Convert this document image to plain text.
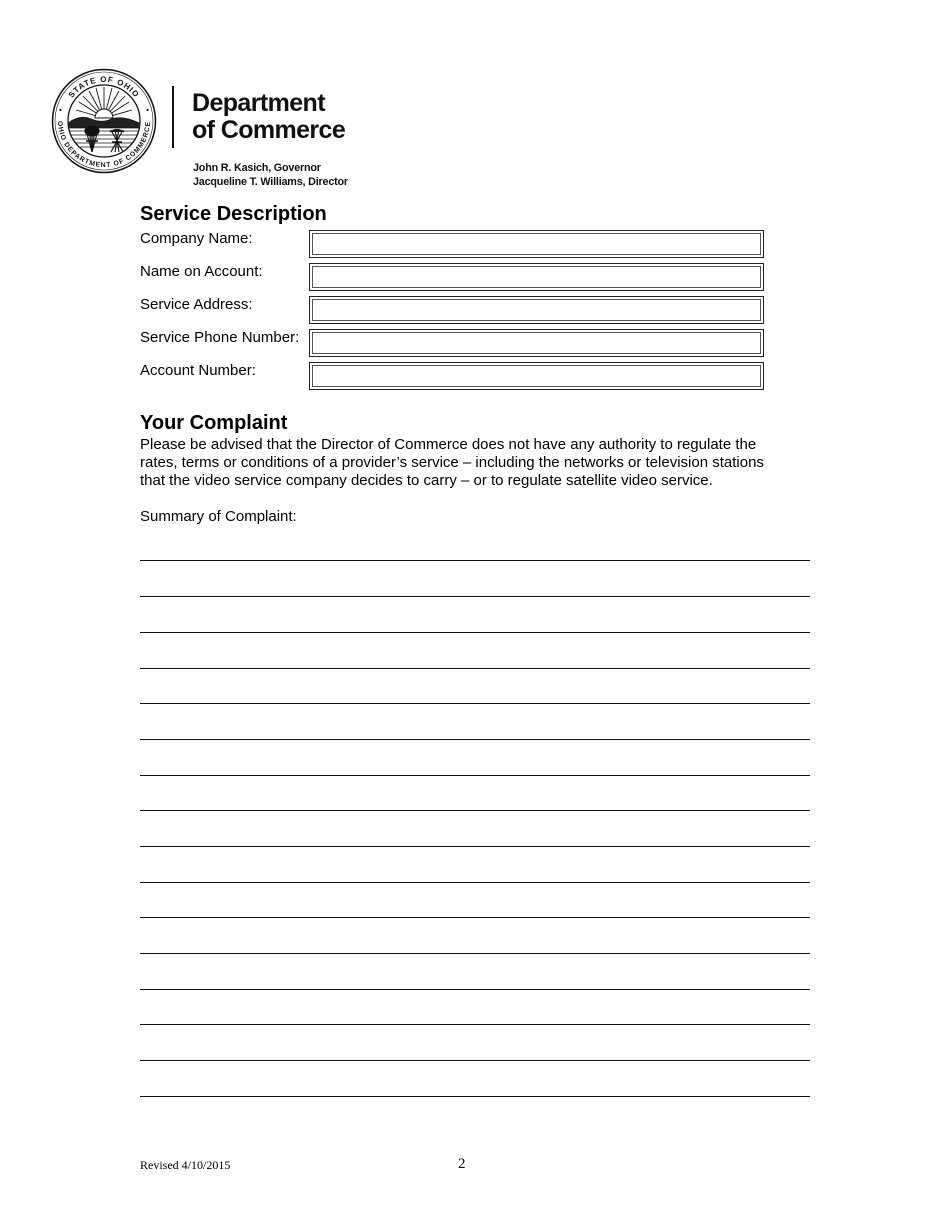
STATE OF OHIO
OHIO DEPARTMENT OF COMMERCE
Department
of Commerce
John R. Kasich, Governor
Jacqueline T. Williams, Director
Service Description
Company Name:
Name on Account:
Service Address:
Service Phone Number:
Account Number:
Your Complaint
Please be advised that the Director of Commerce does not have any authority to regulate the
rates, terms or conditions of a provider’s service – including the networks or television stations
that the video service company decides to carry – or to regulate satellite video service.
Summary of Complaint:
Revised 4/10/2015	2
